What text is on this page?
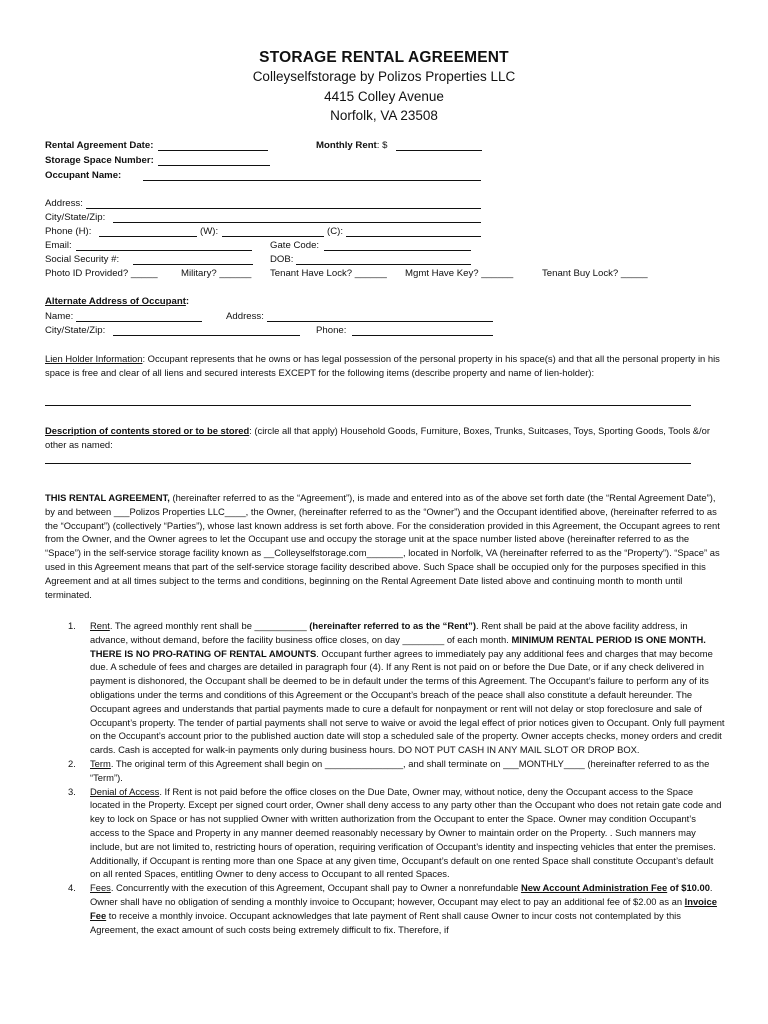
STORAGE RENTAL AGREEMENT
Colleyselfstorage by Polizos Properties LLC
4415 Colley Avenue
Norfolk, VA 23508
Rental Agreement Date:	Monthly Rent: $
Storage Space Number:
Occupant Name:
Address:
City/State/Zip:
Phone (H):	(W):	(C):
Email:	Gate Code:
Social Security #:	DOB:
Photo ID Provided? _____ Military? ______ Tenant Have Lock? ______ Mgmt Have Key? ______	Tenant Buy Lock? _____
Alternate Address of Occupant:
Name:	Address:
City/State/Zip:	Phone:
Lien Holder Information: Occupant represents that he owns or has legal possession of the personal property in his space(s) and that all the personal property in his space is free and clear of all liens and secured interests EXCEPT for the following items (describe property and name of lien-holder):
Description of contents stored or to be stored: (circle all that apply) Household Goods, Furniture, Boxes, Trunks, Suitcases, Toys, Sporting Goods, Tools &/or other as named:
THIS RENTAL AGREEMENT, (hereinafter referred to as the “Agreement”), is made and entered into as of the above set forth date (the “Rental Agreement Date”), by and between ___Polizos Properties LLC____, the Owner, (hereinafter referred to as the “Owner”) and the Occupant identified above, (hereinafter referred to as the “Occupant”) (collectively “Parties”), whose last known address is set forth above. For the consideration provided in this Agreement, the Occupant agrees to rent from the Owner, and the Owner agrees to let the Occupant use and occupy the storage unit at the space number listed above (hereinafter referred to as the “Space”) in the self-service storage facility known as __Colleyselfstorage.com_______, located in Norfolk, VA (hereinafter referred to as the “Property”). “Space” as used in this Agreement means that part of the self-service storage facility described above. Such Space shall be occupied only for the purposes specified in this Agreement and at all times subject to the terms and conditions, beginning on the Rental Agreement Date listed above and continuing month to month until terminated.
1. Rent. The agreed monthly rent shall be __________ (hereinafter referred to as the “Rent”). Rent shall be paid at the above facility address, in advance, without demand, before the facility business office closes, on day ________ of each month. MINIMUM RENTAL PERIOD IS ONE MONTH. THERE IS NO PRO-RATING OF RENTAL AMOUNTS. Occupant further agrees to immediately pay any additional fees and charges that may become due. A schedule of fees and charges are detailed in paragraph four (4). If any Rent is not paid on or before the Due Date, or if any check delivered in payment is dishonored, the Occupant shall be deemed to be in default under the terms of this Agreement. The Occupant’s failure to perform any of its obligations under the terms and conditions of this Agreement or the Occupant’s breach of the peace shall also constitute a default hereunder. The Occupant agrees and understands that partial payments made to cure a default for nonpayment or rent will not delay or stop foreclosure and sale of Occupant’s property. The tender of partial payments shall not serve to waive or avoid the legal effect of prior notices given to Occupant. Only full payment on the Occupant’s account prior to the published auction date will stop a scheduled sale of the property. Owner accepts checks, money orders and credit cards. Cash is accepted for walk-in payments only during business hours. DO NOT PUT CASH IN ANY MAIL SLOT OR DROP BOX.
2. Term. The original term of this Agreement shall begin on _______________, and shall terminate on ___MONTHLY____ (hereinafter referred to as the “Term”).
3. Denial of Access. If Rent is not paid before the office closes on the Due Date, Owner may, without notice, deny the Occupant access to the Space located in the Property. Except per signed court order, Owner shall deny access to any party other than the Occupant who does not retain gate code and key to lock on Space or has not supplied Owner with written authorization from the Occupant to enter the Space. Owner may condition Occupant’s access to the Space and Property in any manner deemed reasonably necessary by Owner to maintain order on the Property. . Such manners may include, but are not limited to, restricting hours of operation, requiring verification of Occupant’s identity and inspecting vehicles that enter the premises. Additionally, if Occupant is renting more than one Space at any given time, Occupant’s default on one rented Space shall constitute Occupant’s default on all rented Spaces, entitling Owner to deny access to Occupant to all rented Spaces.
4. Fees. Concurrently with the execution of this Agreement, Occupant shall pay to Owner a nonrefundable New Account Administration Fee of $10.00. Owner shall have no obligation of sending a monthly invoice to Occupant; however, Occupant may elect to pay an additional fee of $2.00 as an Invoice Fee to receive a monthly invoice. Occupant acknowledges that late payment of Rent shall cause Owner to incur costs not contemplated by this Agreement, the exact amount of such costs being extremely difficult to fix. Therefore, if
